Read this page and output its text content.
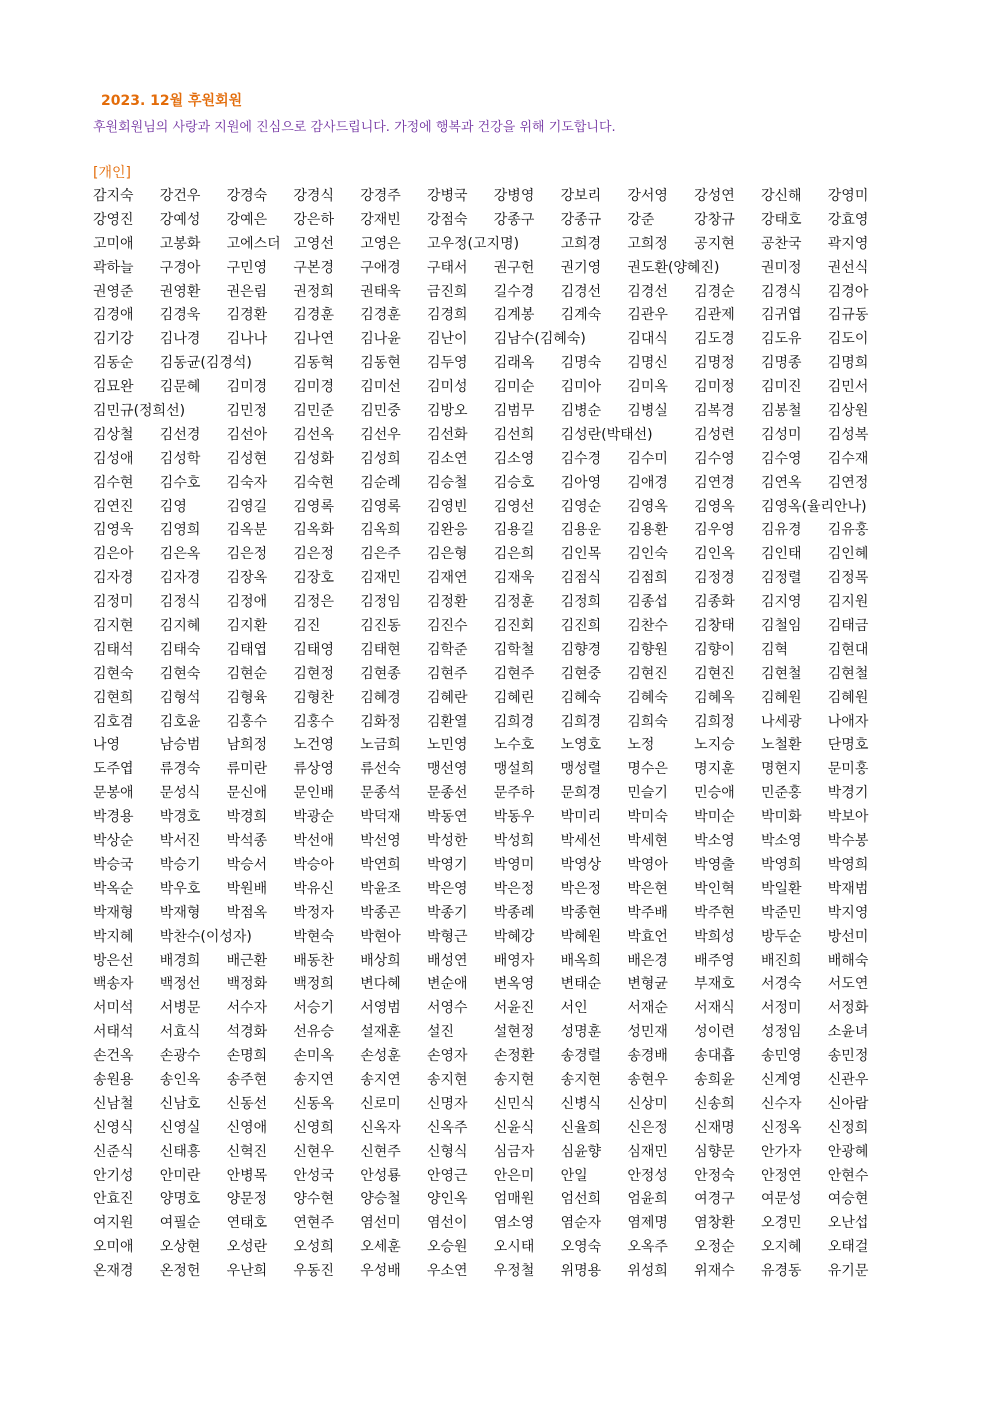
2023. 12월 후원회원
후원회원님의 사랑과 지원에 진심으로 감사드립니다. 가정에 행복과 건강을 위해 기도합니다.
[개인]
감지숙	강건우	강경숙	강경식	강경주	강병국	강병영	강보리	강서영	강성연	강신해	강영미
강영진	강예성	강예은	강은하	강재빈	강점숙	강종구	강종규	강준	강창규	강태호	강효영
고미애	고봉화	고에스더 고영선	고영은	고우정(고지명)	고희경	고희정	공지현	공찬국	곽지영
곽하늘	구경아	구민영	구본경	구애경	구태서	권구헌	권기영	권도환(양혜진)	권미정	권선식
권영준	권영환	권은림	권정희	권태욱	금진희	길수경	김경선	김경선	김경순	김경식	김경아
김경애	김경욱	김경환	김경훈	김경훈	김경희	김계봉	김계숙	김관우	김관제	김귀엽	김규동
김기강	김나경	김나나	김나연	김나윤	김난이	김남수(김혜숙)	김대식	김도경	김도유	김도이
김동순	김동균(김경석)	김동혁	김동현	김두영	김래옥	김명숙	김명신	김명정	김명종	김명희
김묘완	김문혜	김미경	김미경	김미선	김미성	김미순	김미아	김미옥	김미정	김미진	김민서
김민규(정희선)	김민정	김민준	김민중	김방오	김범무	김병순	김병실	김복경	김봉철	김상원
김상철	김선경	김선아	김선옥	김선우	김선화	김선희	김성란(박태선)	김성련	김성미	김성복
김성애	김성학	김성현	김성화	김성희	김소연	김소영	김수경	김수미	김수영	김수영	김수재
김수현	김수호	김숙자	김숙현	김순례	김승철	김승호	김아영	김애경	김연경	김연옥	김연정
김연진	김영	김영길	김영록	김영록	김영빈	김영선	김영순	김영옥	김영옥	김영옥(율리안나)
김영욱	김영희	김옥분	김옥화	김옥희	김완응	김용길	김용운	김용환	김우영	김유경	김유홍
김은아	김은옥	김은정	김은정	김은주	김은형	김은희	김인목	김인숙	김인옥	김인태	김인혜
김자경	김자경	김장옥	김장호	김재민	김재연	김재욱	김점식	김점희	김정경	김정렬	김정목
김정미	김정식	김정애	김정은	김정임	김정환	김정훈	김정희	김종섭	김종화	김지영	김지원
김지현	김지혜	김지환	김진	김진동	김진수	김진회	김진희	김찬수	김창태	김철임	김태금
김태석	김태숙	김태엽	김태영	김태현	김학준	김학철	김향경	김향원	김향이	김혁	김현대
김현숙	김현숙	김현순	김현정	김현종	김현주	김현주	김현중	김현진	김현진	김현철	김현철
김현희	김형석	김형육	김형찬	김혜경	김혜란	김혜린	김혜숙	김혜숙	김혜옥	김혜원	김혜원
김호겸	김호윤	김홍수	김홍수	김화정	김환열	김희경	김희경	김희숙	김희정	나세광	나애자
나영	남승범	남희정	노건영	노금희	노민영	노수호	노영호	노정	노지승	노철환	단명호
도주엽	류경숙	류미란	류상영	류선숙	맹선영	맹설희	맹성렬	명수은	명지훈	명현지	문미홍
문봉애	문성식	문신애	문인배	문종석	문종선	문주하	문희경	민슬기	민승애	민준홍	박경기
박경용	박경호	박경희	박광순	박덕재	박동연	박동우	박미리	박미숙	박미순	박미화	박보아
박상순	박서진	박석종	박선애	박선영	박성한	박성희	박세선	박세현	박소영	박소영	박수봉
박승국	박승기	박승서	박승아	박연희	박영기	박영미	박영상	박영아	박영출	박영희	박영희
박옥순	박우호	박원배	박유신	박윤조	박은영	박은정	박은정	박은현	박인혁	박일환	박재범
박재형	박재형	박점옥	박정자	박종곤	박종기	박종례	박종현	박주배	박주현	박준민	박지영
박지혜	박찬수(이성자)	박현숙	박현아	박형근	박혜강	박혜원	박효언	박희성	방두순	방선미
방은선	배경희	배근환	배동찬	배상희	배성연	배영자	배옥희	배은경	배주영	배진희	배해숙
백송자	백정선	백정화	백정희	변다혜	변순애	변옥영	변태순	변형균	부재호	서경숙	서도연
서미석	서병문	서수자	서승기	서영범	서영수	서윤진	서인	서재순	서재식	서정미	서정화
서태석	서효식	석경화	선유승	설재훈	설진	설현정	성명훈	성민재	성이련	성정임	소윤녀
손건옥	손광수	손명희	손미옥	손성훈	손영자	손정환	송경렬	송경배	송대흡	송민영	송민정
송원용	송인옥	송주현	송지연	송지연	송지현	송지현	송지현	송현우	송희윤	신계영	신관우
신남철	신남호	신동선	신동옥	신로미	신명자	신민식	신병식	신상미	신송희	신수자	신아람
신영식	신영실	신영애	신영희	신옥자	신옥주	신윤식	신율희	신은정	신재명	신정옥	신정희
신준식	신태흥	신혁진	신현우	신현주	신형식	심금자	심윤향	심재민	심향문	안가자	안광혜
안기성	안미란	안병목	안성국	안성룡	안영근	안은미	안일	안정성	안정숙	안정연	안현수
안효진	양명호	양문정	양수현	양승철	양인옥	엄매원	엄선희	엄윤희	여경구	여문성	여승현
여지원	여필순	연태호	연현주	염선미	염선이	염소영	염순자	염제명	염창환	오경민	오난섭
오미애	오상현	오성란	오성희	오세훈	오승원	오시태	오영숙	오옥주	오정순	오지혜	오태걸
온재경	온정헌	우난희	우동진	우성배	우소연	우정철	위명용	위성희	위재수	유경동	유기문
